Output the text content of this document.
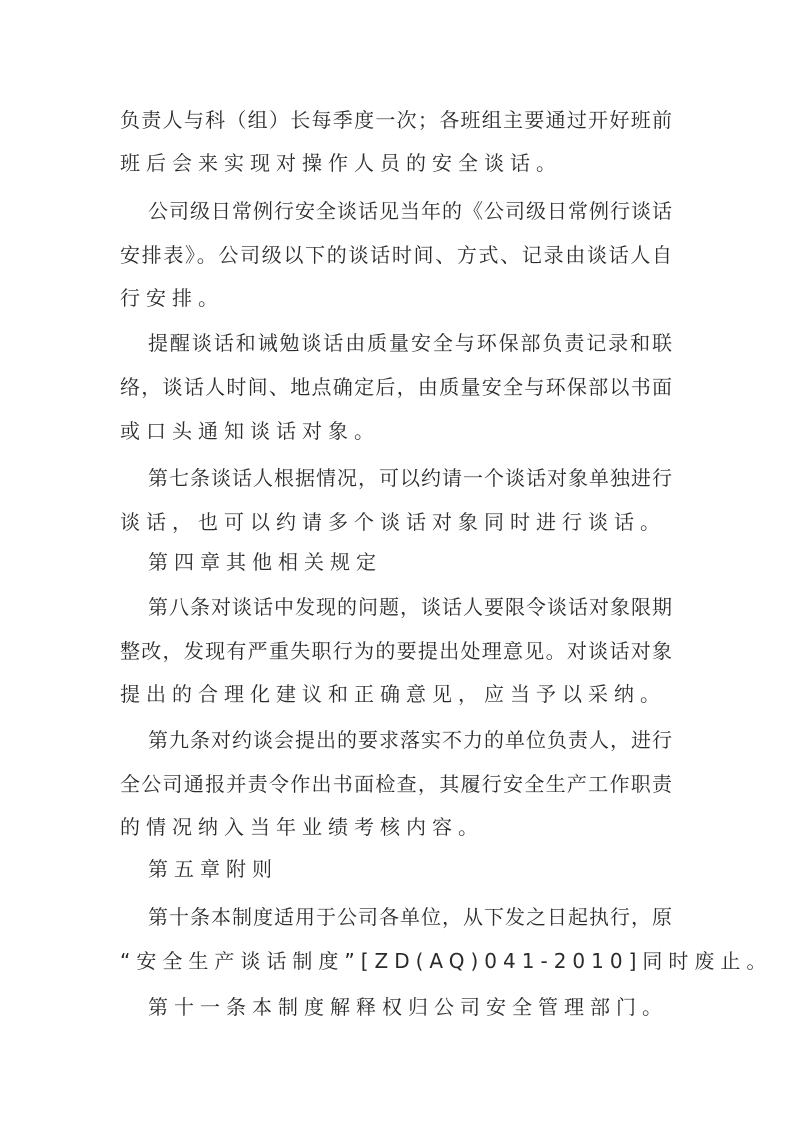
负责人与科（组）长每季度一次；各班组主要通过开好班前
班后会来实现对操作人员的安全谈话。
公司级日常例行安全谈话见当年的《公司级日常例行谈话
安排表》。公司级以下的谈话时间、方式、记录由谈话人自
行安排。
提醒谈话和诫勉谈话由质量安全与环保部负责记录和联
络，谈话人时间、地点确定后，由质量安全与环保部以书面
或口头通知谈话对象。
第七条谈话人根据情况，可以约请一个谈话对象单独进行
谈话，也可以约请多个谈话对象同时进行谈话。
第四章其他相关规定
第八条对谈话中发现的问题，谈话人要限令谈话对象限期
整改，发现有严重失职行为的要提出处理意见。对谈话对象
提出的合理化建议和正确意见，应当予以采纳。
第九条对约谈会提出的要求落实不力的单位负责人，进行
全公司通报并责令作出书面检查，其履行安全生产工作职责
的情况纳入当年业绩考核内容。
第五章附则
第十条本制度适用于公司各单位，从下发之日起执行，原
“安全生产谈话制度”[ZD(AQ)041-2010]同时废止。
第十一条本制度解释权归公司安全管理部门。
